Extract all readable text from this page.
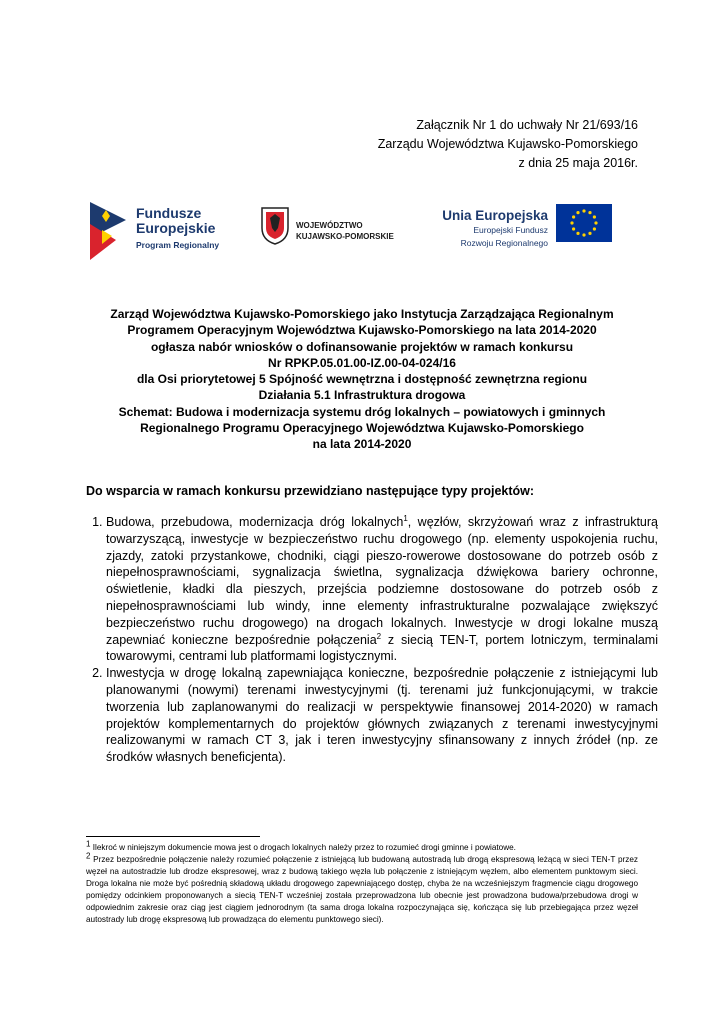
Załącznik Nr 1 do uchwały Nr 21/693/16
Zarządu Województwa Kujawsko-Pomorskiego
z dnia 25 maja 2016r.
Fundusze
Europejskie
Program Regionalny
WOJEWÓDZTWO
KUJAWSKO-POMORSKIE
Unia Europejska
Europejski Fundusz
Rozwoju Regionalnego
Zarząd Województwa Kujawsko-Pomorskiego jako Instytucja Zarządzająca Regionalnym
Programem Operacyjnym Województwa Kujawsko-Pomorskiego na lata 2014-2020
ogłasza nabór wniosków o dofinansowanie projektów w ramach konkursu
Nr RPKP.05.01.00-IZ.00-04-024/16
dla Osi priorytetowej 5 Spójność wewnętrzna i dostępność zewnętrzna regionu
Działania 5.1 Infrastruktura drogowa
Schemat: Budowa i modernizacja systemu dróg lokalnych – powiatowych i gminnych
Regionalnego Programu Operacyjnego Województwa Kujawsko-Pomorskiego
na lata 2014-2020
Do wsparcia w ramach konkursu przewidziano następujące typy projektów:
1. Budowa, przebudowa, modernizacja dróg lokalnych$^1$, węzłów, skrzyżowań wraz z infrastrukturą towarzyszącą, inwestycje w bezpieczeństwo ruchu drogowego (np. elementy uspokojenia ruchu, zjazdy, zatoki przystankowe, chodniki, ciągi pieszo-rowerowe dostosowane do potrzeb osób z niepełnosprawnościami, sygnalizacja świetlna, sygnalizacja dźwiękowa bariery ochronne, oświetlenie, kładki dla pieszych, przejścia podziemne dostosowane do potrzeb osób z niepełnosprawnościami lub windy, inne elementy infrastrukturalne pozwalające zwiększyć bezpieczeństwo ruchu drogowego) na drogach lokalnych. Inwestycje w drogi lokalne muszą zapewniać konieczne bezpośrednie połączenia$^2$ z siecią TEN-T, portem lotniczym, terminalami towarowymi, centrami lub platformami logistycznymi.
2. Inwestycja w drogę lokalną zapewniająca konieczne, bezpośrednie połączenie z istniejącymi lub planowanymi (nowymi) terenami inwestycyjnymi (tj. terenami już funkcjonującymi, w trakcie tworzenia lub zaplanowanymi do realizacji w perspektywie finansowej 2014-2020) w ramach projektów komplementarnych do projektów głównych związanych z terenami inwestycyjnymi realizowanymi w ramach CT 3, jak i teren inwestycyjny sfinansowany z innych źródeł (np. ze środków własnych beneficjenta).

$^1$ Ilekroć w niniejszym dokumencie mowa jest o drogach lokalnych należy przez to rozumieć drogi gminne i powiatowe.

$^2$ Przez bezpośrednie połączenie należy rozumieć połączenie z istniejącą lub budowaną autostradą lub drogą ekspresową leżącą w sieci TEN-T przez węzeł na autostradzie lub drodze ekspresowej, wraz z budową takiego węzła lub połączenie z istniejącym węzłem, albo elementem punktowym sieci. Droga lokalna nie może być pośrednią składową układu drogowego zapewniającego dostęp, chyba że na wcześniejszym fragmencie ciągu drogowego pomiędzy odcinkiem proponowanych a siecią TEN-T wcześniej została przeprowadzona lub obecnie jest prowadzona budowa/przebudowa drogi w odpowiednim zakresie oraz ciąg jest ciągiem jednorodnym (ta sama droga lokalna rozpoczynająca się, kończąca się lub przebiegająca przez węzeł autostrady lub drogę ekspresową lub prowadząca do elementu punktowego sieci).
